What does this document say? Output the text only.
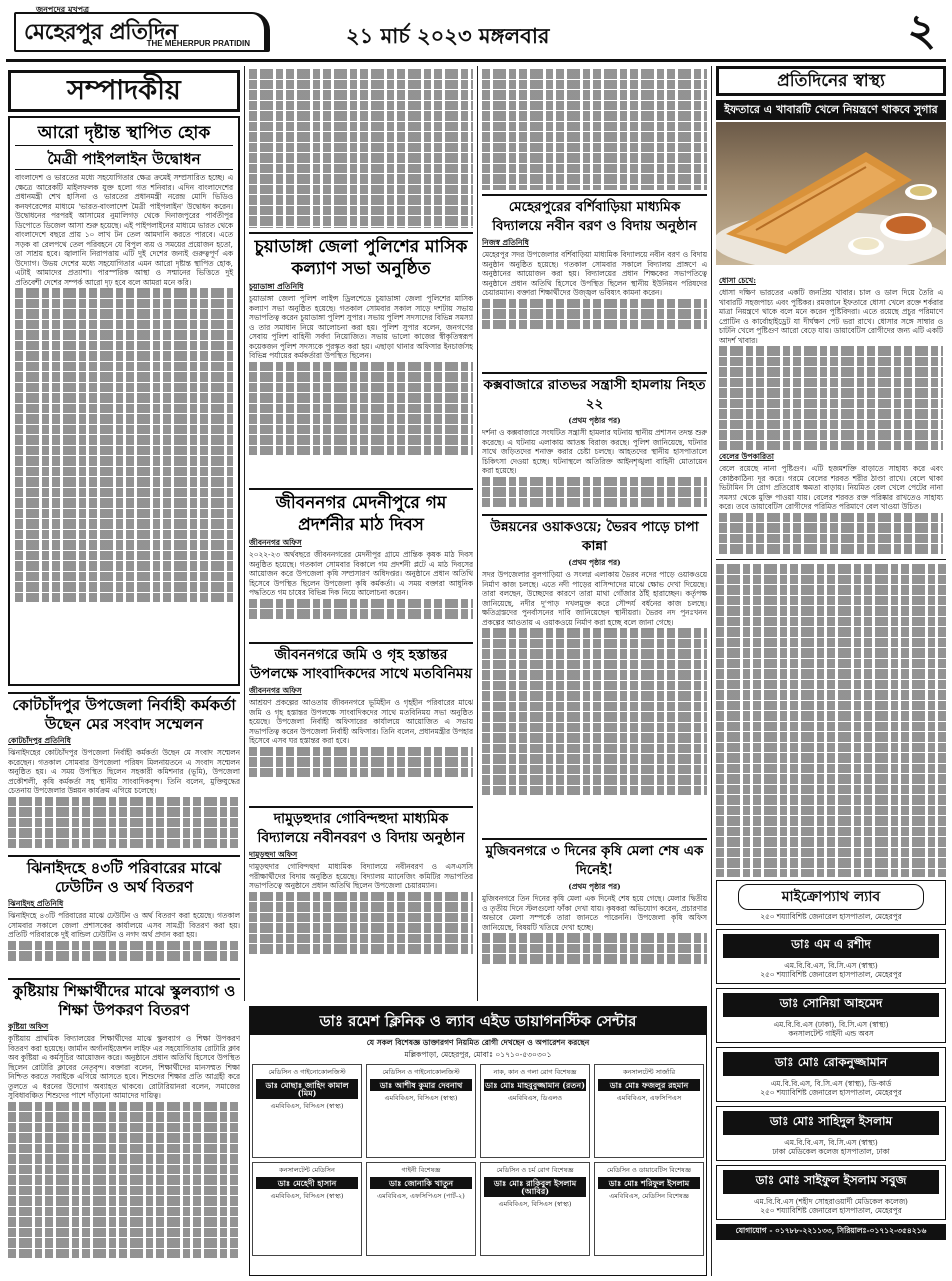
জনপদের মুখপত্র
মেহেরপুর প্রতিদিন
THE MEHERPUR PRATIDIN	২১ মার্চ ২০২৩ মঙ্গলবার	২
সম্পাদকীয়
আরো দৃষ্টান্ত স্থাপিত হোক
মৈত্রী পাইপলাইন উদ্বোধন
বাংলাদেশ ও ভারতের মধ্যে সহযোগিতার ক্ষেত্র ক্রমেই সম্প্রসারিত হচ্ছে। এ ক্ষেত্রে আরেকটি মাইলফলক যুক্ত হলো গত শনিবার। এদিন বাংলাদেশের প্রধানমন্ত্রী শেখ হাসিনা ও ভারতের প্রধানমন্ত্রী নরেন্দ্র মোদি ভিডিও কনফারেন্সের মাধ্যমে 'ভারত-বাংলাদেশ মৈত্রী পাইপলাইন' উদ্বোধন করেন। উদ্বোধনের পরপরই আসামের নুমালিগড় থেকে দিনাজপুরের পার্বতীপুর ডিপোতে ডিজেল আসা শুরু হয়েছে। এই পাইপলাইনের মাধ্যমে ভারত থেকে বাংলাদেশে বছরে প্রায় ১০ লাখ টন তেল আমদানি করতে পারবে। এতে সড়ক বা রেলপথে তেল পরিবহনে যে বিপুল ব্যয় ও সময়ের প্রয়োজন হতো, তা সাশ্রয় হবে। জ্বালানি নিরাপত্তায় এটি দুই দেশের জন্যই গুরুত্বপূর্ণ এক উদ্যোগ। উভয় দেশের মধ্যে সহযোগিতার এমন আরো দৃষ্টান্ত স্থাপিত হোক, এটাই আমাদের প্রত্যাশা। পারস্পরিক আস্থা ও সম্মানের ভিত্তিতে দুই প্রতিবেশী দেশের সম্পর্ক আরো দৃঢ় হবে বলে আমরা মনে করি।
কোটচাঁদপুর উপজেলা নির্বাহী কর্মকর্তা উছেন মের সংবাদ সম্মেলন
কোটচাঁদপুর প্রতিনিধি
ঝিনাইদহের কোটচাঁদপুর উপজেলা নির্বাহী কর্মকর্তা উছেন মে সংবাদ সম্মেলন করেছেন। গতকাল সোমবার উপজেলা পরিষদ মিলনায়তনে এ সংবাদ সম্মেলন অনুষ্ঠিত হয়। এ সময় উপস্থিত ছিলেন সহকারী কমিশনার (ভূমি), উপজেলা প্রকৌশলী, কৃষি কর্মকর্তা সহ স্থানীয় সাংবাদিকবৃন্দ। তিনি বলেন, মুক্তিযুদ্ধের চেতনায় উপজেলার উন্নয়ন কার্যক্রম এগিয়ে চলেছে।
ঝিনাইদহে ৪৩টি পরিবারের মাঝে ঢেউটিন ও অর্থ বিতরণ
ঝিনাইদহ প্রতিনিধি
ঝিনাইদহে ৪৩টি পরিবারের মাঝে ঢেউটিন ও অর্থ বিতরণ করা হয়েছে। গতকাল সোমবার সকালে জেলা প্রশাসকের কার্যালয়ে এসব সামগ্রী বিতরণ করা হয়। প্রতিটি পরিবারকে দুই বান্ডিল ঢেউটিন ও নগদ অর্থ প্রদান করা হয়।
কুষ্টিয়ায় শিক্ষার্থীদের মাঝে স্কুলব্যাগ ও শিক্ষা উপকরণ বিতরণ
কুষ্টিয়া অফিস
কুষ্টিয়ায় প্রাথমিক বিদ্যালয়ের শিক্ষার্থীদের মাঝে স্কুলব্যাগ ও শিক্ষা উপকরণ বিতরণ করা হয়েছে। জার্মান অর্গানাইজেশন লাইফ এর সহযোগিতায় রোটারি ক্লাব অব কুষ্টিয়া এ কর্মসূচির আয়োজন করে। অনুষ্ঠানে প্রধান অতিথি হিসেবে উপস্থিত ছিলেন রোটারি ক্লাবের নেতৃবৃন্দ। বক্তারা বলেন, শিক্ষার্থীদের মানসম্মত শিক্ষা নিশ্চিত করতে সবাইকে এগিয়ে আসতে হবে। শিশুদের শিক্ষার প্রতি আগ্রহী করে তুলতে এ ধরনের উদ্যোগ অব্যাহত থাকবে। রোটারিয়ানরা বলেন, সমাজের সুবিধাবঞ্চিত শিশুদের পাশে দাঁড়ানো আমাদের দায়িত্ব।
চুয়াডাঙ্গা জেলা পুলিশের মাসিক কল্যাণ সভা অনুষ্ঠিত
চুয়াডাঙ্গা প্রতিনিধি
চুয়াডাঙ্গা জেলা পুলিশ লাইন্স ড্রিলশেডে চুয়াডাঙ্গা জেলা পুলিশের মাসিক কল্যাণ সভা অনুষ্ঠিত হয়েছে। গতকাল সোমবার সকাল সাড়ে দশটায় সভায় সভাপতিত্ব করেন চুয়াডাঙ্গা পুলিশ সুপার। সভায় পুলিশ সদস্যদের বিভিন্ন সমস্যা ও তার সমাধান নিয়ে আলোচনা করা হয়। পুলিশ সুপার বলেন, জনগণের সেবায় পুলিশ বাহিনী সর্বদা নিয়োজিত। সভায় ভালো কাজের স্বীকৃতিস্বরূপ কয়েকজন পুলিশ সদস্যকে পুরস্কৃত করা হয়। এছাড়া থানার অফিসার ইনচার্জসহ বিভিন্ন পর্যায়ের কর্মকর্তারা উপস্থিত ছিলেন।
জীবননগর মেদনীপুরে গম প্রদর্শনীর মাঠ দিবস
জীবননগর অফিস
২০২২-২৩ অর্থবছরে জীবননগরের মেদনীপুর গ্রামে প্রান্তিক কৃষক মাঠ দিবস অনুষ্ঠিত হয়েছে। গতকাল সোমবার বিকালে গম প্রদর্শনী প্লটে এ মাঠ দিবসের আয়োজন করে উপজেলা কৃষি সম্প্রসারণ অধিদপ্তর। অনুষ্ঠানে প্রধান অতিথি হিসেবে উপস্থিত ছিলেন উপজেলা কৃষি কর্মকর্তা। এ সময় বক্তারা আধুনিক পদ্ধতিতে গম চাষের বিভিন্ন দিক নিয়ে আলোচনা করেন।
জীবননগরে জমি ও গৃহ হস্তান্তর উপলক্ষে সাংবাদিকদের সাথে মতবিনিময়
জীবননগর অফিস
আশ্রয়ণ প্রকল্পের আওতায় জীবননগরে ভূমিহীন ও গৃহহীন পরিবারের মাঝে জমি ও গৃহ হস্তান্তর উপলক্ষে সাংবাদিকদের সাথে মতবিনিময় সভা অনুষ্ঠিত হয়েছে। উপজেলা নির্বাহী অফিসারের কার্যালয়ে আয়োজিত এ সভায় সভাপতিত্ব করেন উপজেলা নির্বাহী অফিসার। তিনি বলেন, প্রধানমন্ত্রীর উপহার হিসেবে এসব ঘর হস্তান্তর করা হবে।
দামুড়হুদার গোবিন্দহুদা মাধ্যমিক বিদ্যালয়ে নবীনবরণ ও বিদায় অনুষ্ঠান
দামুড়হুদা অফিস
দামুড়হুদার গোবিন্দহুদা মাধ্যমিক বিদ্যালয়ে নবীনবরণ ও এসএসসি পরীক্ষার্থীদের বিদায় অনুষ্ঠিত হয়েছে। বিদ্যালয় ম্যানেজিং কমিটির সভাপতির সভাপতিত্বে অনুষ্ঠানে প্রধান অতিথি ছিলেন উপজেলা চেয়ারম্যান।
মেহেরপুরের বর্শিবাড়িয়া মাধ্যমিক বিদ্যালয়ে নবীন বরণ ও বিদায় অনুষ্ঠান
নিজস্ব প্রতিনিধি
মেহেরপুর সদর উপজেলার বর্শিবাড়িয়া মাধ্যমিক বিদ্যালয়ে নবীন বরণ ও বিদায় অনুষ্ঠান অনুষ্ঠিত হয়েছে। গতকাল সোমবার সকালে বিদ্যালয় প্রাঙ্গণে এ অনুষ্ঠানের আয়োজন করা হয়। বিদ্যালয়ের প্রধান শিক্ষকের সভাপতিত্বে অনুষ্ঠানে প্রধান অতিথি হিসেবে উপস্থিত ছিলেন স্থানীয় ইউনিয়ন পরিষদের চেয়ারম্যান। বক্তারা শিক্ষার্থীদের উজ্জ্বল ভবিষ্যৎ কামনা করেন।
কক্সবাজারে রাতভর সন্ত্রাসী হামলায় নিহত ২২
(প্রথম পৃষ্ঠার পর)
দর্শনা ও কক্সবাজারে সংঘটিত সন্ত্রাসী হামলার ঘটনায় স্থানীয় প্রশাসন তদন্ত শুরু করেছে। এ ঘটনায় এলাকায় আতঙ্ক বিরাজ করছে। পুলিশ জানিয়েছে, ঘটনার সাথে জড়িতদের শনাক্ত করার চেষ্টা চলছে। আহতদের স্থানীয় হাসপাতালে চিকিৎসা দেওয়া হচ্ছে। ঘটনাস্থলে অতিরিক্ত আইনশৃঙ্খলা বাহিনী মোতায়েন করা হয়েছে।
উন্নয়নের ওয়াকওয়ে; ভৈরব পাড়ে চাপা কান্না
(প্রথম পৃষ্ঠার পর)
সদর উপজেলার বুলপাড়িয়া ও সংলগ্ন এলাকায় ভৈরব নদের পাড়ে ওয়াকওয়ে নির্মাণ কাজ চলছে। এতে নদী পাড়ের বাসিন্দাদের মাঝে ক্ষোভ দেখা দিয়েছে। তারা বলছেন, উচ্ছেদের কারণে তারা মাথা গোঁজার ঠাঁই হারাচ্ছেন। কর্তৃপক্ষ জানিয়েছে, নদীর দু'পাড় দখলমুক্ত করে সৌন্দর্য বর্ধনের কাজ চলছে। ক্ষতিগ্রস্তদের পুনর্বাসনের দাবি জানিয়েছেন স্থানীয়রা। ভৈরব নদ পুনঃখনন প্রকল্পের আওতায় এ ওয়াকওয়ে নির্মাণ করা হচ্ছে বলে জানা গেছে।
মুজিবনগরে ৩ দিনের কৃষি মেলা শেষ এক দিনেই!
(প্রথম পৃষ্ঠার পর)
মুজিবনগরে তিন দিনের কৃষি মেলা এক দিনেই শেষ হয়ে গেছে। মেলার দ্বিতীয় ও তৃতীয় দিনে স্টলগুলো ফাঁকা দেখা যায়। কৃষকরা অভিযোগ করেন, প্রচারণার অভাবে মেলা সম্পর্কে তারা জানতে পারেননি। উপজেলা কৃষি অফিস জানিয়েছে, বিষয়টি খতিয়ে দেখা হচ্ছে।
ডাঃ রমেশ ক্লিনিক ও ল্যাব এইড ডায়াগনস্টিক সেন্টার
যে সকল বিশেষজ্ঞ ডাক্তারগণ নিয়মিত রোগী দেখছেন ও অপারেশন করছেন
মল্লিকপাড়া, মেহেরপুর, মোবাঃ ০১৭১০-৫৩০৩০১
মেডিসিন ও গাইনোকোলজিস্ট
ডাঃ মোছাঃ জাহিদ কামাল (মিম)
এমবিবিএস, বিসিএস (স্বাস্থ্য)
মেডিসিন ও গাইনোকোলজিস্ট
ডাঃ আশীষ কুমার দেবনাথ
এমবিবিএস, বিসিএস (স্বাস্থ্য)
নাক, কান ও গলা রোগ বিশেষজ্ঞ
ডাঃ মোঃ মাহবুবুজ্জামান (রতন)
এমবিবিএস, ডিএলও
কনসালটেন্ট সার্জারি
ডাঃ মোঃ ফজলুর রহমান
এমবিবিএস, এফসিপিএস
কনসালটেন্ট মেডিসিন
ডাঃ মেহেদী হাসান
এমবিবিএস, বিসিএস (স্বাস্থ্য)
গাইনী বিশেষজ্ঞ
ডাঃ জোনাকি খাতুন
এমবিবিএস, এফসিপিএস (পার্ট-২)
মেডিসিন ও চর্ম রোগ বিশেষজ্ঞ
ডাঃ মোঃ রাকিবুল ইসলাম (আবির)
এমবিবিএস, বিসিএস (স্বাস্থ্য)
মেডিসিন ও ডায়াবেটিস বিশেষজ্ঞ
ডাঃ মোঃ শরিফুল ইসলাম
এমবিবিএস, মেডিসিন বিশেষজ্ঞ
প্রতিদিনের স্বাস্থ্য
ইফতারে এ খাবারটি খেলে নিয়ন্ত্রণে থাকবে সুগার
ধোসা চেখে:
ধোসা দক্ষিণ ভারতের একটি জনপ্রিয় খাবার। চাল ও ডাল দিয়ে তৈরি এ খাবারটি সহজপাচ্য এবং পুষ্টিকর। রমজানে ইফতারে ধোসা খেলে রক্তে শর্করার মাত্রা নিয়ন্ত্রণে থাকে বলে মনে করেন পুষ্টিবিদরা। এতে রয়েছে প্রচুর পরিমাণে প্রোটিন ও কার্বোহাইড্রেট যা দীর্ঘক্ষণ পেট ভরা রাখে। ধোসার সঙ্গে সাম্বার ও চাটনি খেলে পুষ্টিগুণ আরো বেড়ে যায়। ডায়াবেটিস রোগীদের জন্য এটি একটি আদর্শ খাবার।
বেলের উপকারিতা
বেলে রয়েছে নানা পুষ্টিগুণ। এটি হজমশক্তি বাড়াতে সাহায্য করে এবং কোষ্ঠকাঠিন্য দূর করে। গরমে বেলের শরবত শরীর ঠাণ্ডা রাখে। বেলে থাকা ভিটামিন সি রোগ প্রতিরোধ ক্ষমতা বাড়ায়। নিয়মিত বেল খেলে পেটের নানা সমস্যা থেকে মুক্তি পাওয়া যায়। বেলের শরবত রক্ত পরিষ্কার রাখতেও সাহায্য করে। তবে ডায়াবেটিস রোগীদের পরিমিত পরিমাণে বেল খাওয়া উচিত।
মাইক্রোপ্যাথ ল্যাব
২৫০ শয্যাবিশিষ্ট জেনারেল হাসপাতাল, মেহেরপুর
ডাঃ এম এ রশীদ
এম.বি.বি.এস, বি.সি.এস (স্বাস্থ্য)
২৫০ শয্যাবিশিষ্ট জেনারেল হাসপাতাল, মেহেরপুর
ডাঃ সোনিয়া আহমেদ
এম.বি.বি.এস (ঢাকা), বি.সি.এস (স্বাস্থ্য)
কনসালটেন্ট গাইনী এন্ড অবস
ডাঃ মোঃ রোকনুজ্জামান
এম.বি.বি.এস, বি.সি.এস (স্বাস্থ্য), ডি-কার্ড
২৫০ শয্যাবিশিষ্ট জেনারেল হাসপাতাল, মেহেরপুর
ডাঃ মোঃ সাহিদুল ইসলাম
এম.বি.বি.এস, বি.সি.এস (স্বাস্থ্য)
ঢাকা মেডিকেল কলেজ হাসপাতাল, ঢাকা
ডাঃ মোঃ সাইফুল ইসলাম সবুজ
এম.বি.বি.এস (শহীদ সোহরাওয়ার্দী মেডিকেল কলেজ)
২৫০ শয্যাবিশিষ্ট জেনারেল হাসপাতাল, মেহেরপুর
যোগাযোগ - ০১৭৮৮-২২১১৩৩, সিরিয়ালঃ-০১৭১২-৩৫৪২১৬
